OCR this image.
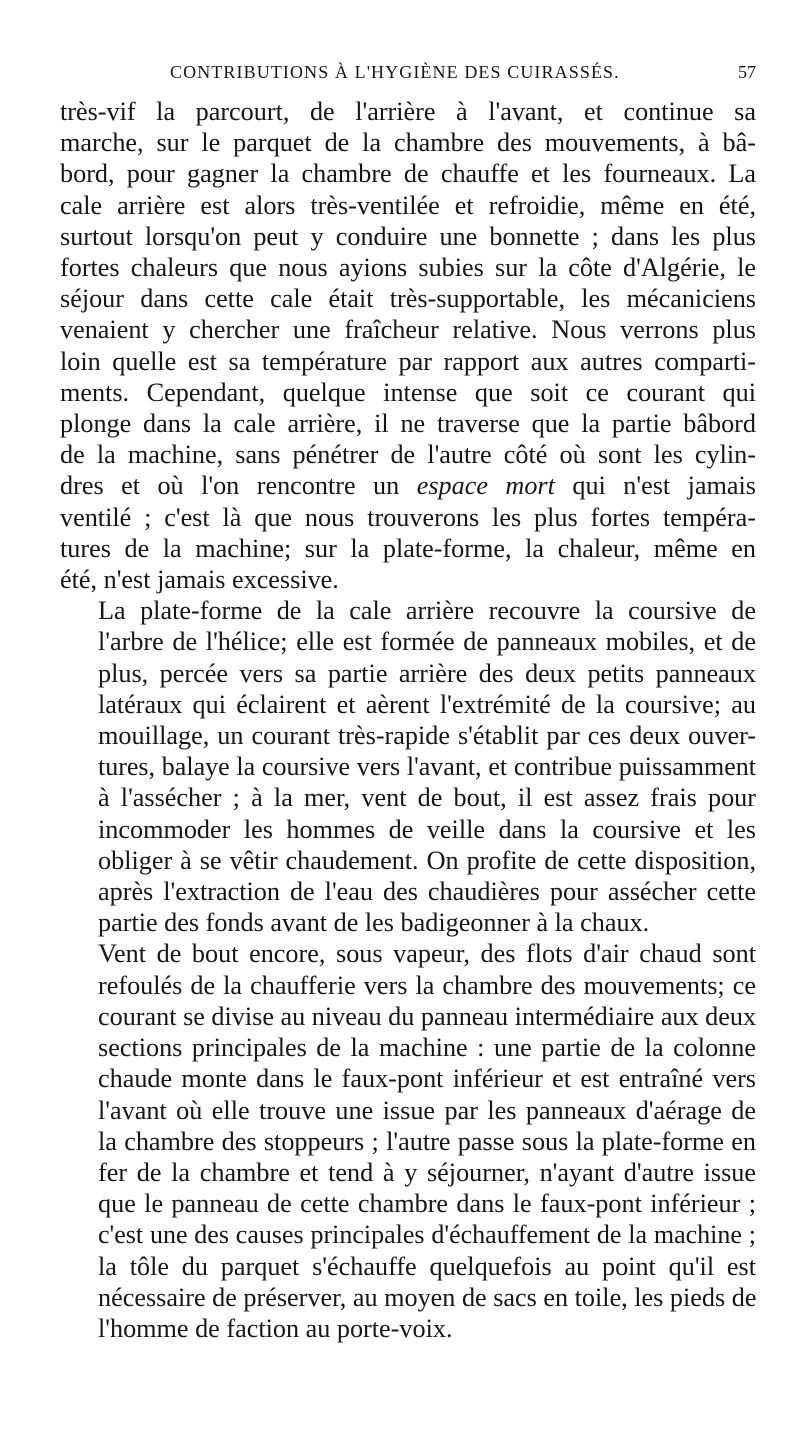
CONTRIBUTIONS À L'HYGIÈNE DES CUIRASSÉS.	57

très-vif la parcourt, de l'arrière à l'avant, et continue sa
marche, sur le parquet de la chambre des mouvements, à bâ-
bord, pour gagner la chambre de chauffe et les fourneaux. La
cale arrière est alors très-ventilée et refroidie, même en été,
surtout lorsqu'on peut y conduire une bonnette ; dans les plus
fortes chaleurs que nous ayions subies sur la côte d'Algérie, le
séjour dans cette cale était très-supportable, les mécaniciens
venaient y chercher une fraîcheur relative. Nous verrons plus
loin quelle est sa température par rapport aux autres comparti-
ments. Cependant, quelque intense que soit ce courant qui
plonge dans la cale arrière, il ne traverse que la partie bâbord
de la machine, sans pénétrer de l'autre côté où sont les cylin-
dres et où l'on rencontre un espace mort qui n'est jamais
ventilé ; c'est là que nous trouverons les plus fortes tempéra-
tures de la machine; sur la plate-forme, la chaleur, même en
été, n'est jamais excessive.

La plate-forme de la cale arrière recouvre la coursive de
l'arbre de l'hélice; elle est formée de panneaux mobiles, et de
plus, percée vers sa partie arrière des deux petits panneaux
latéraux qui éclairent et aèrent l'extrémité de la coursive; au
mouillage, un courant très-rapide s'établit par ces deux ouver-
tures, balaye la coursive vers l'avant, et contribue puissamment
à l'assécher ; à la mer, vent de bout, il est assez frais pour
incommoder les hommes de veille dans la coursive et les
obliger à se vêtir chaudement. On profite de cette disposition,
après l'extraction de l'eau des chaudières pour assécher cette
partie des fonds avant de les badigeonner à la chaux.

Vent de bout encore, sous vapeur, des flots d'air chaud sont
refoulés de la chaufferie vers la chambre des mouvements; ce
courant se divise au niveau du panneau intermédiaire aux deux
sections principales de la machine : une partie de la colonne
chaude monte dans le faux-pont inférieur et est entraîné vers
l'avant où elle trouve une issue par les panneaux d'aérage de
la chambre des stoppeurs ; l'autre passe sous la plate-forme en
fer de la chambre et tend à y séjourner, n'ayant d'autre issue
que le panneau de cette chambre dans le faux-pont inférieur ;
c'est une des causes principales d'échauffement de la machine ;
la tôle du parquet s'échauffe quelquefois au point qu'il est
nécessaire de préserver, au moyen de sacs en toile, les pieds de
l'homme de faction au porte-voix.
